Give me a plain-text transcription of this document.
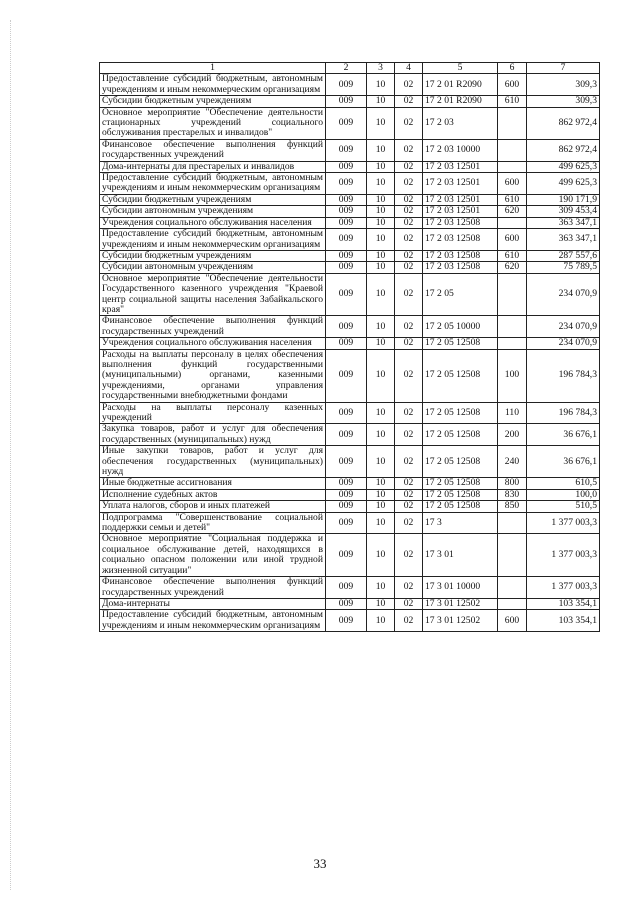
1	2	3	4	5	6	7
Предоставление субсидий бюджетным, автономным учреждениям и иным некоммерческим организациям	009	10	02	17 2 01 R2090	600	309,3
Субсидии бюджетным учреждениям	009	10	02	17 2 01 R2090	610	309,3
Основное мероприятие "Обеспечение деятельности стационарных учреждений социального обслуживания престарелых и инвалидов"	009	10	02	17 2 03		862 972,4
Финансовое обеспечение выполнения функций государственных учреждений	009	10	02	17 2 03 10000		862 972,4
Дома-интернаты для престарелых и инвалидов	009	10	02	17 2 03 12501		499 625,3
Предоставление субсидий бюджетным, автономным учреждениям и иным некоммерческим организациям	009	10	02	17 2 03 12501	600	499 625,3
Субсидии бюджетным учреждениям	009	10	02	17 2 03 12501	610	190 171,9
Субсидии автономным учреждениям	009	10	02	17 2 03 12501	620	309 453,4
Учреждения социального обслуживания населения	009	10	02	17 2 03 12508		363 347,1
Предоставление субсидий бюджетным, автономным учреждениям и иным некоммерческим организациям	009	10	02	17 2 03 12508	600	363 347,1
Субсидии бюджетным учреждениям	009	10	02	17 2 03 12508	610	287 557,6
Субсидии автономным учреждениям	009	10	02	17 2 03 12508	620	75 789,5
Основное мероприятие "Обеспечение деятельности Государственного казенного учреждения "Краевой центр социальной защиты населения Забайкальского края"	009	10	02	17 2 05		234 070,9
Финансовое обеспечение выполнения функций государственных учреждений	009	10	02	17 2 05 10000		234 070,9
Учреждения социального обслуживания населения	009	10	02	17 2 05 12508		234 070,9
Расходы на выплаты персоналу в целях обеспечения выполнения функций государственными (муниципальными) органами, казенными учреждениями, органами управления государственными внебюджетными фондами	009	10	02	17 2 05 12508	100	196 784,3
Расходы на выплаты персоналу казенных учреждений	009	10	02	17 2 05 12508	110	196 784,3
Закупка товаров, работ и услуг для обеспечения государственных (муниципальных) нужд	009	10	02	17 2 05 12508	200	36 676,1
Иные закупки товаров, работ и услуг для обеспечения государственных (муниципальных) нужд	009	10	02	17 2 05 12508	240	36 676,1
Иные бюджетные ассигнования	009	10	02	17 2 05 12508	800	610,5
Исполнение судебных актов	009	10	02	17 2 05 12508	830	100,0
Уплата налогов, сборов и иных платежей	009	10	02	17 2 05 12508	850	510,5
Подпрограмма "Совершенствование социальной поддержки семьи и детей"	009	10	02	17 3		1 377 003,3
Основное мероприятие "Социальная поддержка и социальное обслуживание детей, находящихся в социально опасном положении или иной трудной жизненной ситуации"	009	10	02	17 3 01		1 377 003,3
Финансовое обеспечение выполнения функций государственных учреждений	009	10	02	17 3 01 10000		1 377 003,3
Дома-интернаты	009	10	02	17 3 01 12502		103 354,1
Предоставление субсидий бюджетным, автономным учреждениям и иным некоммерческим организациям	009	10	02	17 3 01 12502	600	103 354,1
33
